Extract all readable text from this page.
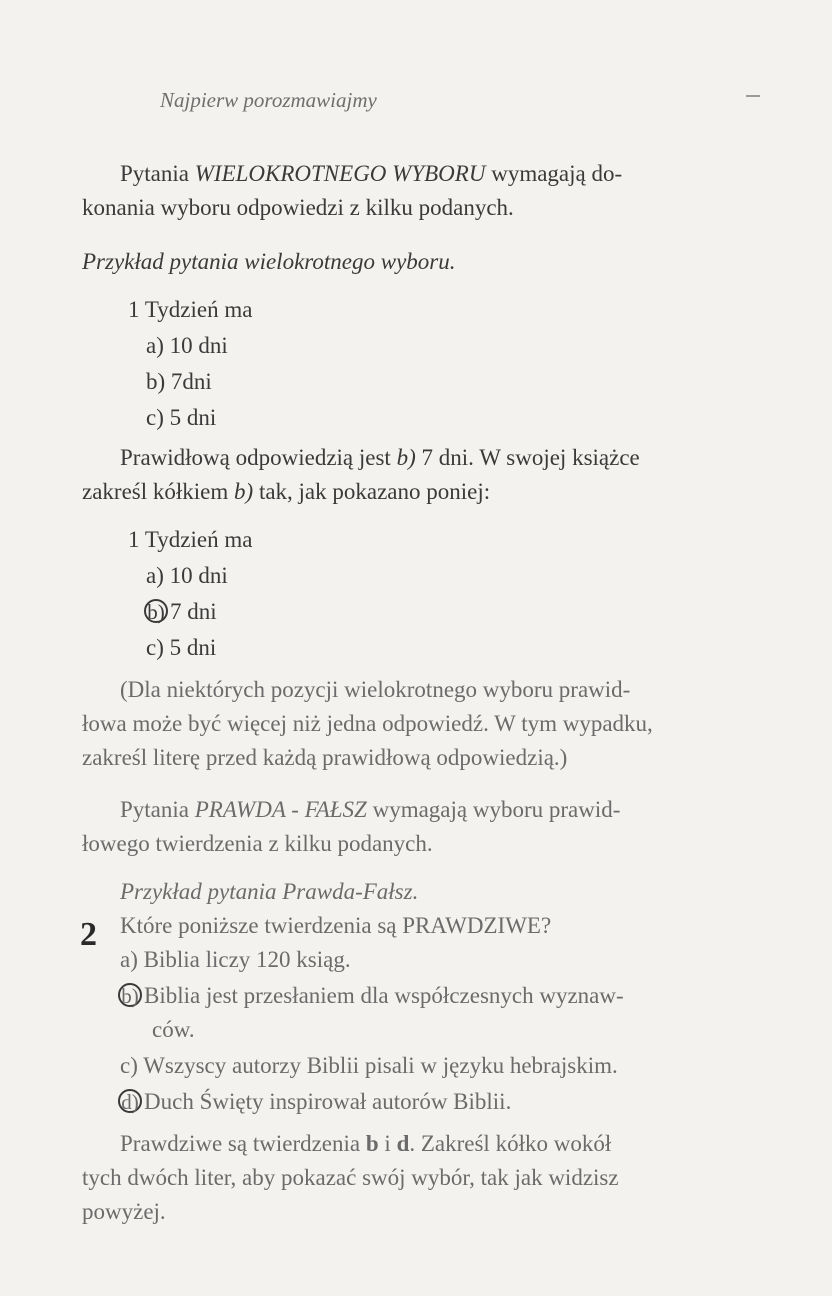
Najpierw porozmawiajmy
Pytania WIELOKROTNEGO WYBORU wymagają do-
konania wyboru odpowiedzi z kilku podanych.
Przykład pytania wielokrotnego wyboru.
1 Tydzień ma
a) 10 dni
b) 7dni
c) 5 dni
Prawidłową odpowiedzią jest b) 7 dni. W swojej książce
zakreśl kółkiem b) tak, jak pokazano poniej:
1 Tydzień ma
a) 10 dni
b) 7 dni
c) 5 dni
(Dla niektórych pozycji wielokrotnego wyboru prawid-
łowa może być więcej niż jedna odpowiedź. W tym wypadku,
zakreśl literę przed każdą prawidłową odpowiedzią.)
Pytania PRAWDA - FAŁSZ wymagają wyboru prawid-
łowego twierdzenia z kilku podanych.
Przykład pytania Prawda-Fałsz.
2 Które poniższe twierdzenia są PRAWDZIWE?
a) Biblia liczy 120 ksiąg.
b) Biblia jest przesłaniem dla współczesnych wyznaw-
ców.
c) Wszyscy autorzy Biblii pisali w języku hebrajskim.
d) Duch Święty inspirował autorów Biblii.
Prawdziwe są twierdzenia b i d. Zakreśl kółko wokół
tych dwóch liter, aby pokazać swój wybór, tak jak widzisz
powyżej.
